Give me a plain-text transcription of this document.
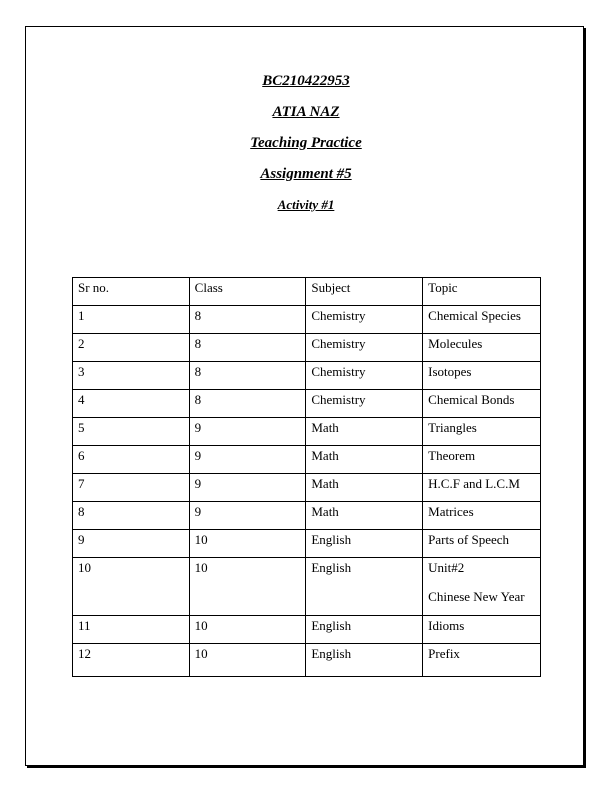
BC210422953
ATIA NAZ
Teaching Practice
Assignment #5
Activity #1
Sr no.	Class	Subject	Topic
1	8	Chemistry	Chemical Species
2	8	Chemistry	Molecules
3	8	Chemistry	Isotopes
4	8	Chemistry	Chemical Bonds
5	9	Math	Triangles
6	9	Math	Theorem
7	9	Math	H.C.F and L.C.M
8	9	Math	Matrices
9	10	English	Parts of Speech
10	10	English	Unit#2
Chinese New Year

11	10	English	Idioms
12	10	English	Prefix
